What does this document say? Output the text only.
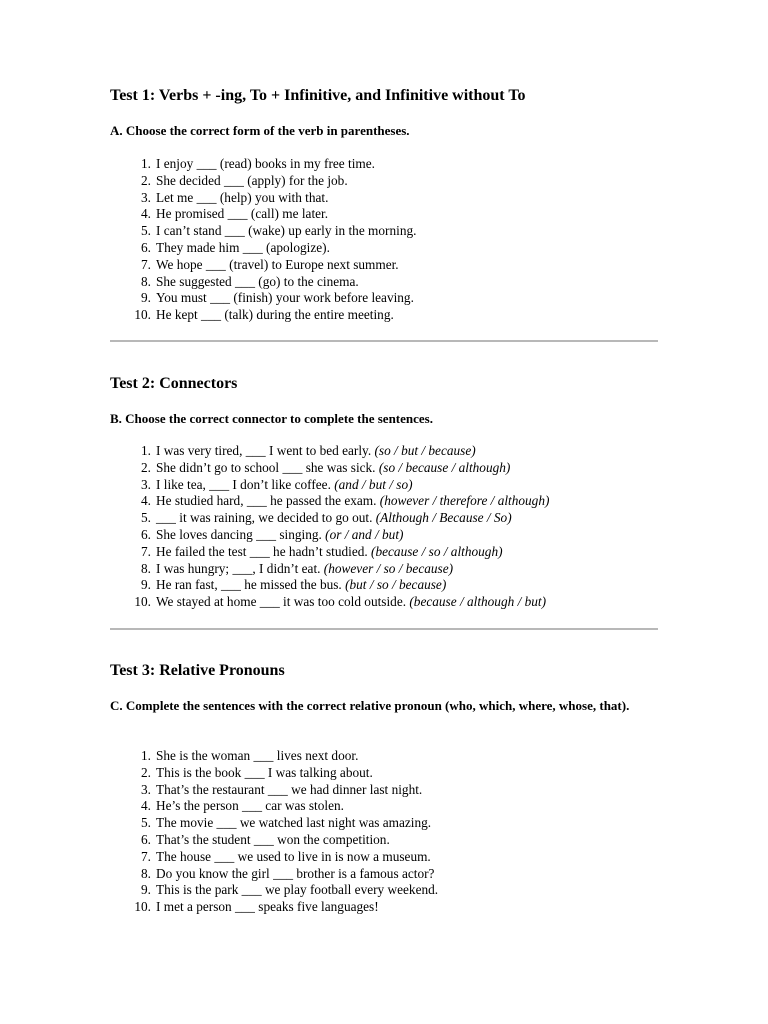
Test 1: Verbs + -ing, To + Infinitive, and Infinitive without To
A. Choose the correct form of the verb in parentheses.
1. I enjoy ___ (read) books in my free time.
2. She decided ___ (apply) for the job.
3. Let me ___ (help) you with that.
4. He promised ___ (call) me later.
5. I can’t stand ___ (wake) up early in the morning.
6. They made him ___ (apologize).
7. We hope ___ (travel) to Europe next summer.
8. She suggested ___ (go) to the cinema.
9. You must ___ (finish) your work before leaving.
10. He kept ___ (talk) during the entire meeting.
Test 2: Connectors
B. Choose the correct connector to complete the sentences.
1. I was very tired, ___ I went to bed early. (so / but / because)
2. She didn’t go to school ___ she was sick. (so / because / although)
3. I like tea, ___ I don’t like coffee. (and / but / so)
4. He studied hard, ___ he passed the exam. (however / therefore / although)
5. ___ it was raining, we decided to go out. (Although / Because / So)
6. She loves dancing ___ singing. (or / and / but)
7. He failed the test ___ he hadn’t studied. (because / so / although)
8. I was hungry; ___, I didn’t eat. (however / so / because)
9. He ran fast, ___ he missed the bus. (but / so / because)
10. We stayed at home ___ it was too cold outside. (because / although / but)
Test 3: Relative Pronouns
C. Complete the sentences with the correct relative pronoun (who, which, where, whose, that).
1. She is the woman ___ lives next door.
2. This is the book ___ I was talking about.
3. That’s the restaurant ___ we had dinner last night.
4. He’s the person ___ car was stolen.
5. The movie ___ we watched last night was amazing.
6. That’s the student ___ won the competition.
7. The house ___ we used to live in is now a museum.
8. Do you know the girl ___ brother is a famous actor?
9. This is the park ___ we play football every weekend.
10. I met a person ___ speaks five languages!
